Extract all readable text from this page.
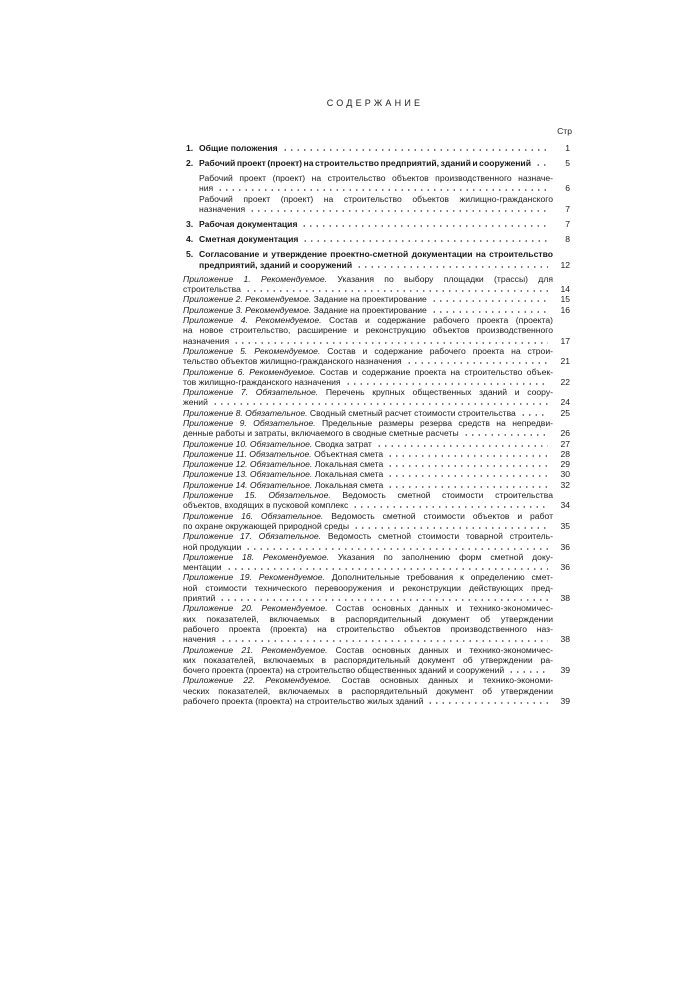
СОДЕРЖАНИЕ
Стр
1. Общие положения	1
2. Рабочий проект (проект) на строительство предприятий, зданий и сооружений	5
Рабочий проект (проект) на строительство объектов производственного назначе-
ния	6
Рабочий проект (проект) на строительство объектов жилищно-гражданского
назначения	7
3. Рабочая документация	7
4. Сметная документация	8
5. Согласование и утверждение проектно-сметной документации на строительство
предприятий, зданий и сооружений	12
Приложение 1. Рекомендуемое. Указания по выбору площадки (трассы) для
строительства	14
Приложение 2. Рекомендуемое. Задание на проектирование	15
Приложение 3. Рекомендуемое. Задание на проектирование	16
Приложение 4. Рекомендуемое. Состав и содержание рабочего проекта (проекта)
на новое строительство, расширение и реконструкцию объектов производственного
назначения	17
Приложение 5. Рекомендуемое. Состав и содержание рабочего проекта на строи-
тельство объектов жилищно-гражданского назначения	21
Приложение 6. Рекомендуемое. Состав и содержание проекта на строительство объек-
тов жилищно-гражданского назначения	22
Приложение 7. Обязательное. Перечень крупных общественных зданий и соору-
жений	24
Приложение 8. Обязательное. Сводный сметный расчет стоимости строительства	25
Приложение 9. Обязательное. Предельные размеры резерва средств на непредви-
денные работы и затраты, включаемого в сводные сметные расчеты	26
Приложение 10. Обязательное. Сводка затрат	27
Приложение 11. Обязательное. Объектная смета	28
Приложение 12. Обязательное. Локальная смета	29
Приложение 13. Обязательное. Локальная смета	30
Приложение 14. Обязательное. Локальная смета	32
Приложение 15. Обязательное. Ведомость сметной стоимости строительства
объектов, входящих в пусковой комплекс	34
Приложение 16. Обязательное. Ведомость сметной стоимости объектов и работ
по охране окружающей природной среды	35
Приложение 17. Обязательное. Ведомость сметной стоимости товарной строитель-
ной продукции	36
Приложение 18. Рекомендуемое. Указания по заполнению форм сметной доку-
ментации	36
Приложение 19. Рекомендуемое. Дополнительные требования к определению смет-
ной стоимости технического перевооружения и реконструкции действующих пред-
приятий	38
Приложение 20. Рекомендуемое. Состав основных данных и технико-экономичес-
ких показателей, включаемых в распорядительный документ об утверждении
рабочего проекта (проекта) на строительство объектов производственного наз-
начения	38
Приложение 21. Рекомендуемое. Состав основных данных и технико-экономичес-
ких показателей, включаемых в распорядительный документ об утверждении ра-
бочего проекта (проекта) на строительство общественных зданий и сооружений	39
Приложение 22. Рекомендуемое. Состав основных данных и технико-экономи-
ческих показателей, включаемых в распорядительный документ об утверждении
рабочего проекта (проекта) на строительство жилых зданий	39
